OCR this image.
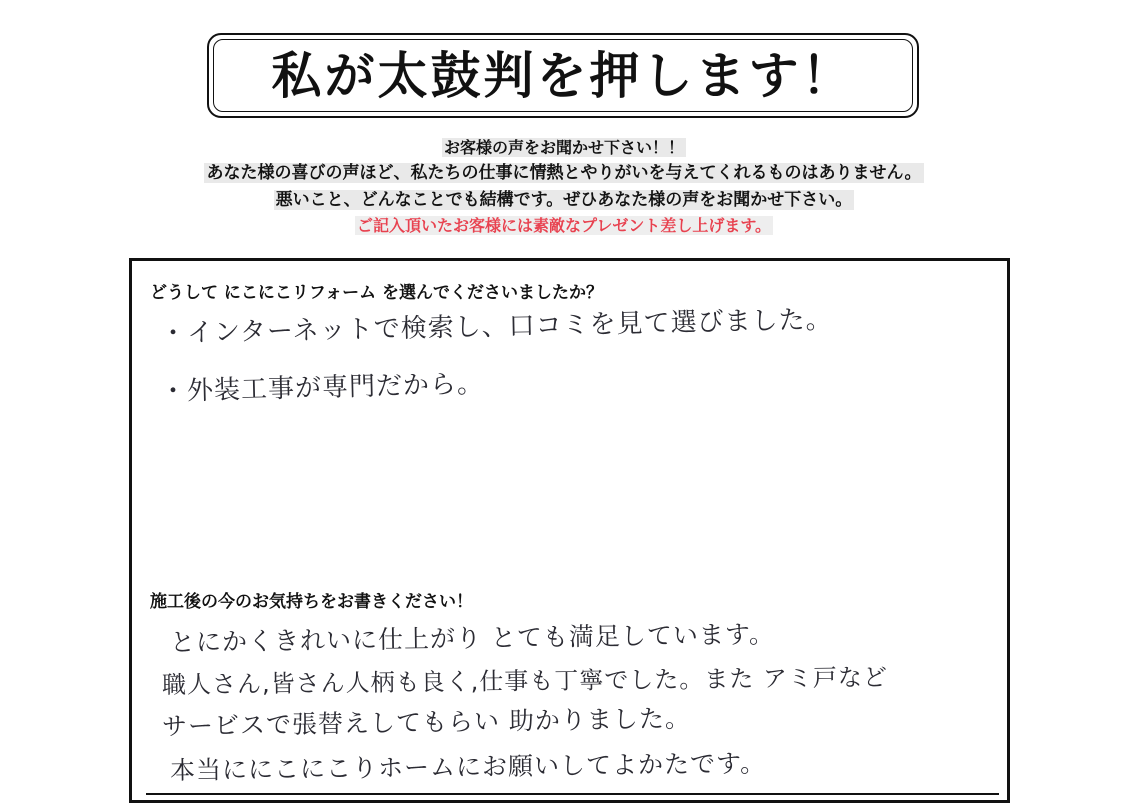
私が太鼓判を押します！

お客様の声をお聞かせ下さい！！

あなた様の喜びの声ほど、私たちの仕事に情熱とやりがいを与えてくれるものはありません。

悪いこと、どんなことでも結構です。ぜひあなた様の声をお聞かせ下さい。

ご記入頂いたお客様には素敵なプレゼント差し上げます。

どうして にこにこリフォーム を選んでくださいましたか？
・インターネットで検索し、口コミを見て選びました。
・外装工事が専門だから。
施工後の今のお気持ちをお書きください！
とにかくきれいに仕上がり とても満足しています。
職人さん,皆さん人柄も良く,仕事も丁寧でした。また アミ戸など
サービスで張替えしてもらい 助かりました。
本当ににこにこりホームにお願いしてよかたです。
